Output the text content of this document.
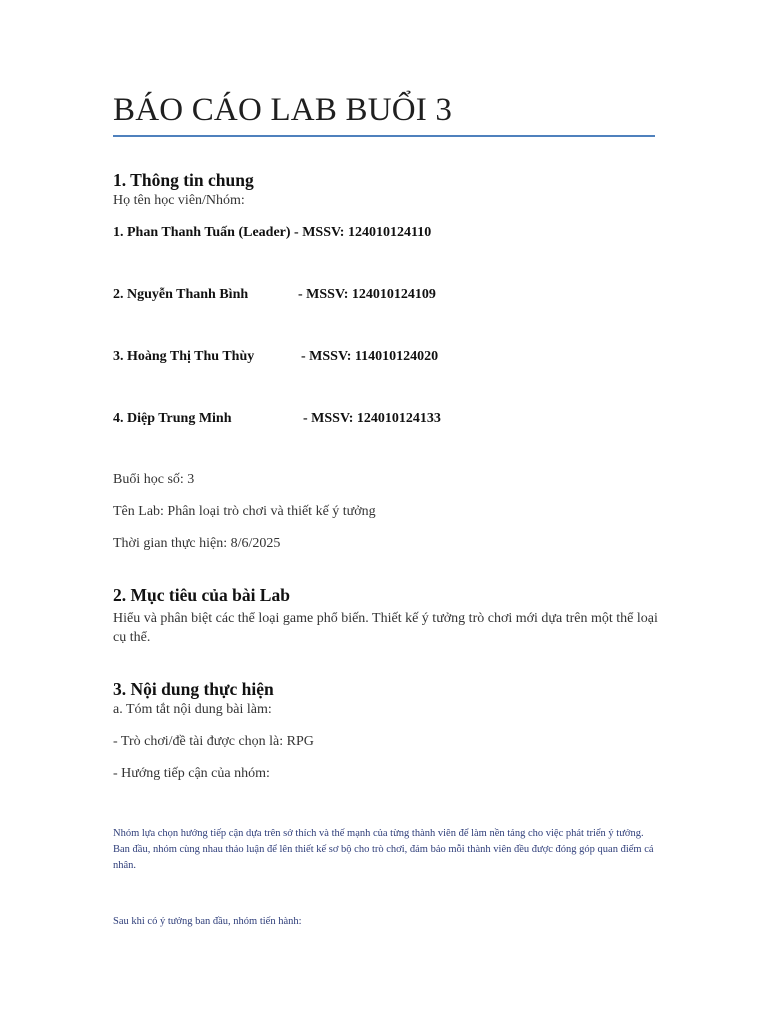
BÁO CÁO LAB BUỔI 3
1. Thông tin chung
Họ tên học viên/Nhóm:
1. Phan Thanh Tuấn (Leader) - MSSV: 124010124110
2. Nguyễn Thanh Bình	- MSSV: 124010124109
3. Hoàng Thị Thu Thùy	- MSSV: 114010124020
4. Diệp Trung Minh	- MSSV: 124010124133
Buổi học số: 3
Tên Lab: Phân loại trò chơi và thiết kế ý tưởng
Thời gian thực hiện: 8/6/2025
2. Mục tiêu của bài Lab
Hiểu và phân biệt các thể loại game phổ biến. Thiết kế ý tưởng trò chơi mới dựa trên một thể loại cụ thể.
3. Nội dung thực hiện
a. Tóm tắt nội dung bài làm:
- Trò chơi/đề tài được chọn là: RPG
- Hướng tiếp cận của nhóm:
Nhóm lựa chọn hướng tiếp cận dựa trên sở thích và thế mạnh của từng thành viên để làm nền tảng cho việc phát triển ý tưởng. Ban đầu, nhóm cùng nhau thảo luận để lên thiết kế sơ bộ cho trò chơi, đảm bảo mỗi thành viên đều được đóng góp quan điểm cá nhân.
Sau khi có ý tưởng ban đầu, nhóm tiến hành:
